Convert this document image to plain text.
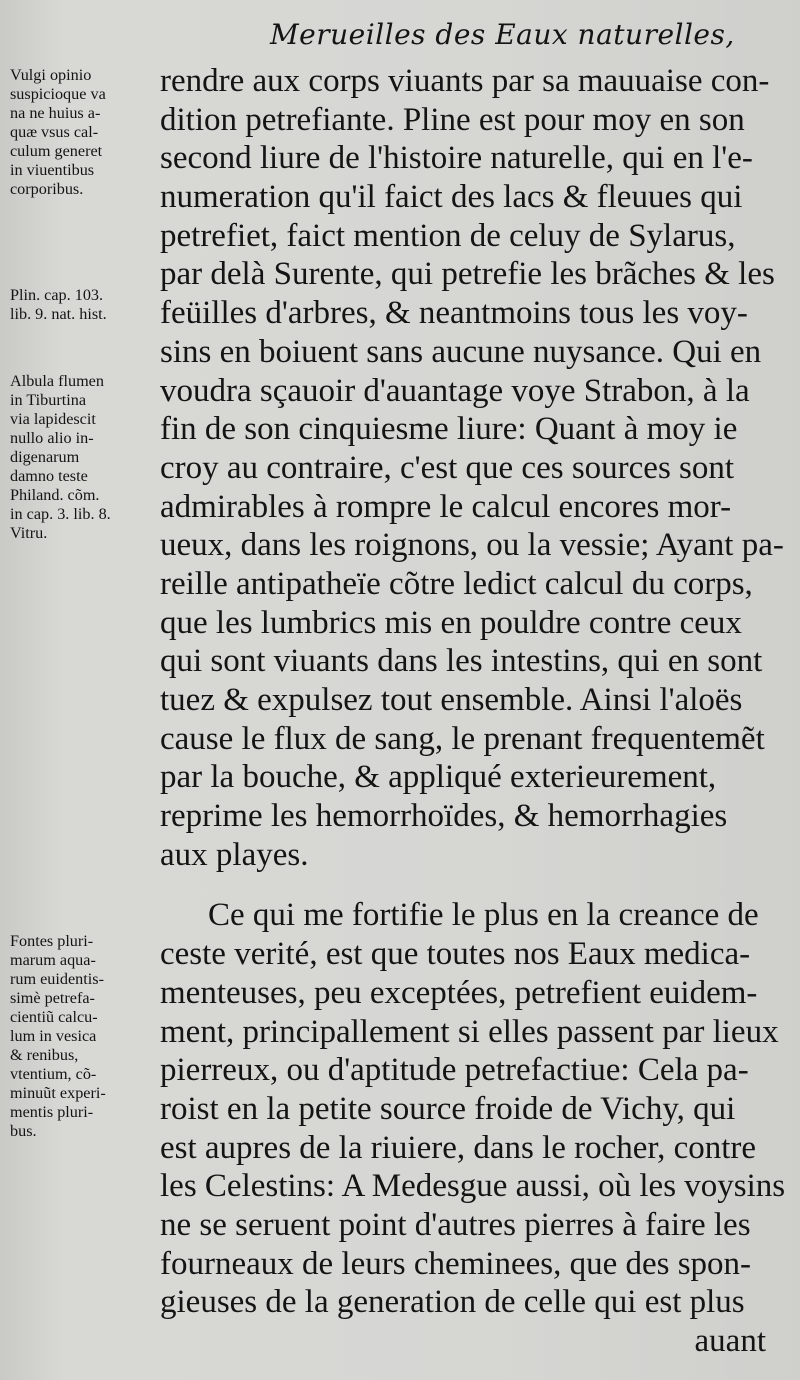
Merueilles des Eaux naturelles,
Vulgi opinio
suspicioque va
na ne huius a-
quæ vsus cal-
culum generet
in viuentibus
corporibus.
Plin. cap. 103.
lib. 9. nat. hist.
Albula flumen
in Tiburtina
via lapidescit
nullo alio in-
digenarum
damno teste
Philand. cõm.
in cap. 3. lib. 8.
Vitru.
Fontes pluri-
marum aqua-
rum euidentis-
simè petrefa-
cientiũ calcu-
lum in vesica
& renibus,
vtentium, cõ-
minuũt experi-
mentis pluri-
bus.
rendre aux corps viuants par sa mauuaise con-
dition petrefiante. Pline est pour moy en son
second liure de l'histoire naturelle, qui en l'e-
numeration qu'il faict des lacs & fleuues qui
petrefiet, faict mention de celuy de Sylarus,
par delà Surente, qui petrefie les brãches & les
feüilles d'arbres, & neantmoins tous les voy-
sins en boiuent sans aucune nuysance. Qui en
voudra sçauoir d'auantage voye Strabon, à la
fin de son cinquiesme liure: Quant à moy ie
croy au contraire, c'est que ces sources sont
admirables à rompre le calcul encores mor-
ueux, dans les roignons, ou la vessie; Ayant pa-
reille antipatheïe cõtre ledict calcul du corps,
que les lumbrics mis en pouldre contre ceux
qui sont viuants dans les intestins, qui en sont
tuez & expulsez tout ensemble. Ainsi l'aloës
cause le flux de sang, le prenant frequentemẽt
par la bouche, & appliqué exterieurement,
reprime les hemorrhoïdes, & hemorrhagies
aux playes.
Ce qui me fortifie le plus en la creance de
ceste verité, est que toutes nos Eaux medica-
menteuses, peu exceptées, petrefient euidem-
ment, principallement si elles passent par lieux
pierreux, ou d'aptitude petrefactiue: Cela pa-
roist en la petite source froide de Vichy, qui
est aupres de la riuiere, dans le rocher, contre
les Celestins: A Medesgue aussi, où les voysins
ne se seruent point d'autres pierres à faire les
fourneaux de leurs cheminees, que des spon-
gieuses de la generation de celle qui est plus
auant
